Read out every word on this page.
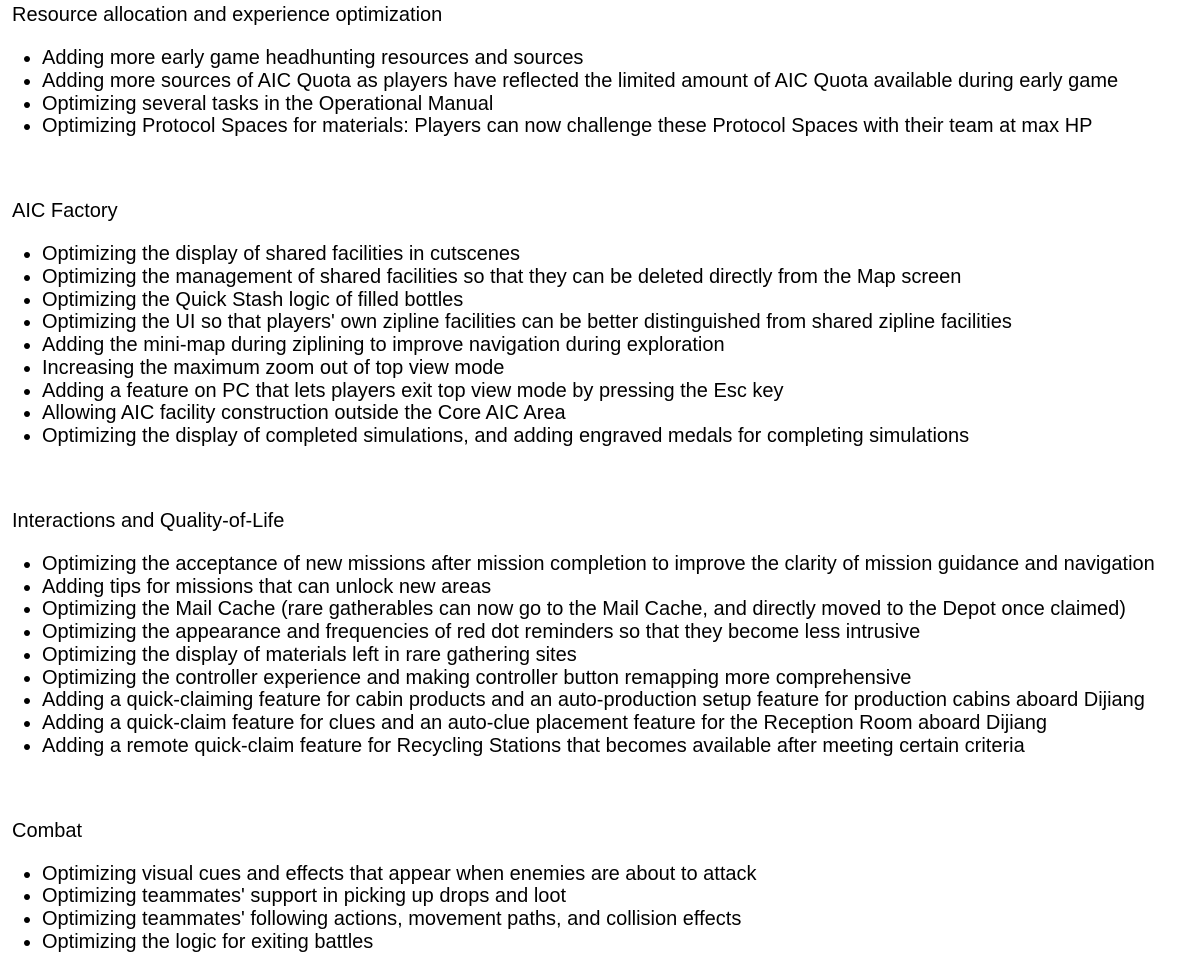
Resource allocation and experience optimization
• Adding more early game headhunting resources and sources
• Adding more sources of AIC Quota as players have reflected the limited amount of AIC Quota available during early game
• Optimizing several tasks in the Operational Manual
• Optimizing Protocol Spaces for materials: Players can now challenge these Protocol Spaces with their team at max HP
AIC Factory
• Optimizing the display of shared facilities in cutscenes
• Optimizing the management of shared facilities so that they can be deleted directly from the Map screen
• Optimizing the Quick Stash logic of filled bottles
• Optimizing the UI so that players' own zipline facilities can be better distinguished from shared zipline facilities
• Adding the mini-map during ziplining to improve navigation during exploration
• Increasing the maximum zoom out of top view mode
• Adding a feature on PC that lets players exit top view mode by pressing the Esc key
• Allowing AIC facility construction outside the Core AIC Area
• Optimizing the display of completed simulations, and adding engraved medals for completing simulations
Interactions and Quality-of-Life
• Optimizing the acceptance of new missions after mission completion to improve the clarity of mission guidance and navigation
• Adding tips for missions that can unlock new areas
• Optimizing the Mail Cache (rare gatherables can now go to the Mail Cache, and directly moved to the Depot once claimed)
• Optimizing the appearance and frequencies of red dot reminders so that they become less intrusive
• Optimizing the display of materials left in rare gathering sites
• Optimizing the controller experience and making controller button remapping more comprehensive
• Adding a quick-claiming feature for cabin products and an auto-production setup feature for production cabins aboard Dijiang
• Adding a quick-claim feature for clues and an auto-clue placement feature for the Reception Room aboard Dijiang
• Adding a remote quick-claim feature for Recycling Stations that becomes available after meeting certain criteria
Combat
• Optimizing visual cues and effects that appear when enemies are about to attack
• Optimizing teammates' support in picking up drops and loot
• Optimizing teammates' following actions, movement paths, and collision effects
• Optimizing the logic for exiting battles
